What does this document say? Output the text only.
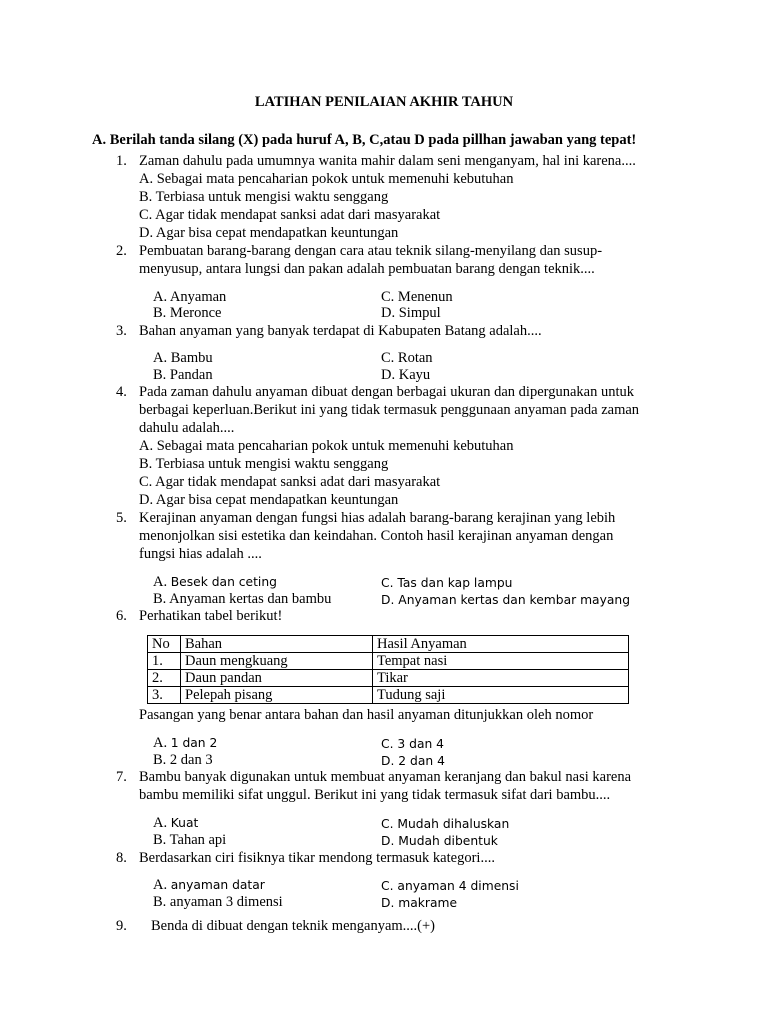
LATIHAN PENILAIAN AKHIR TAHUN
A. Berilah tanda silang (X) pada huruf A, B, C,atau D pada pillhan jawaban yang tepat!
1. Zaman dahulu pada umumnya wanita mahir dalam seni menganyam, hal ini karena....
A. Sebagai mata pencaharian pokok untuk memenuhi kebutuhan
B. Terbiasa untuk mengisi waktu senggang
C. Agar tidak mendapat sanksi adat dari masyarakat
D. Agar bisa cepat mendapatkan keuntungan
2. Pembuatan barang-barang dengan cara atau teknik silang-menyilang dan susup-
menyusup, antara lungsi dan pakan adalah pembuatan barang dengan teknik....
A. Anyaman	C. Menenun
B. Meronce	D. Simpul
3. Bahan anyaman yang banyak terdapat di Kabupaten Batang adalah....
A. Bambu	C. Rotan
B. Pandan	D. Kayu
4. Pada zaman dahulu anyaman dibuat dengan berbagai ukuran dan dipergunakan untuk
berbagai keperluan.Berikut ini yang tidak termasuk penggunaan anyaman pada zaman
dahulu adalah....
A. Sebagai mata pencaharian pokok untuk memenuhi kebutuhan
B. Terbiasa untuk mengisi waktu senggang
C. Agar tidak mendapat sanksi adat dari masyarakat
D. Agar bisa cepat mendapatkan keuntungan
5. Kerajinan anyaman dengan fungsi hias adalah barang-barang kerajinan yang lebih
menonjolkan sisi estetika dan keindahan. Contoh hasil kerajinan anyaman dengan
fungsi hias adalah ....
A. Besek dan ceting	C. Tas dan kap lampu
B. Anyaman kertas dan bambu	D. Anyaman kertas dan kembar mayang
6. Perhatikan tabel berikut!
No	Bahan	Hasil Anyaman
1.	Daun mengkuang	Tempat nasi
2.	Daun pandan	Tikar
3.	Pelepah pisang	Tudung saji
Pasangan yang benar antara bahan dan hasil anyaman ditunjukkan oleh nomor
A. 1 dan 2	C. 3 dan 4
B. 2 dan 3	D. 2 dan 4
7. Bambu banyak digunakan untuk membuat anyaman keranjang dan bakul nasi karena
bambu memiliki sifat unggul. Berikut ini yang tidak termasuk sifat dari bambu....
A. Kuat	C. Mudah dihaluskan
B. Tahan api	D. Mudah dibentuk
8. Berdasarkan ciri fisiknya tikar mendong termasuk kategori....
A. anyaman datar	C. anyaman 4 dimensi
B. anyaman 3 dimensi	D. makrame
9. Benda di dibuat dengan teknik menganyam....(+)
